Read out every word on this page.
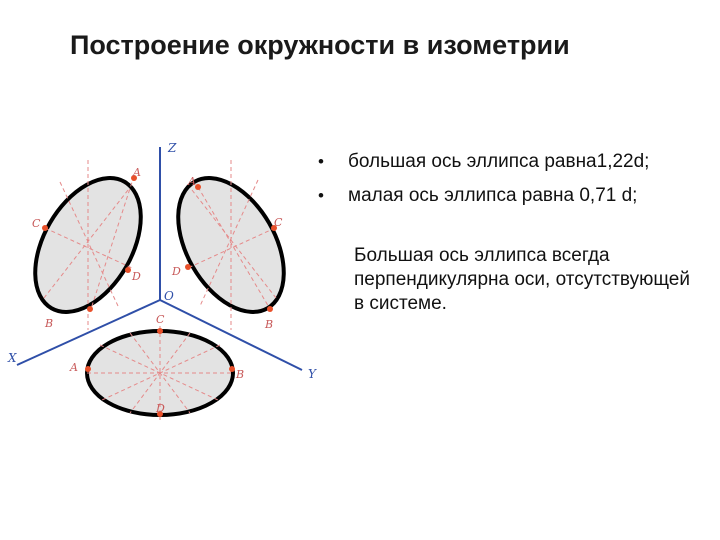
Построение окружности в изометрии
Z
X
Y
O
A
C
D
B
A
C
D
B
C
A
B
D
•	большая ось эллипса равна1,22d;
•	малая ось эллипса равна 0,71 d;
Большая ось эллипса всегда перпендикулярна оси, отсутствующей в системе.
